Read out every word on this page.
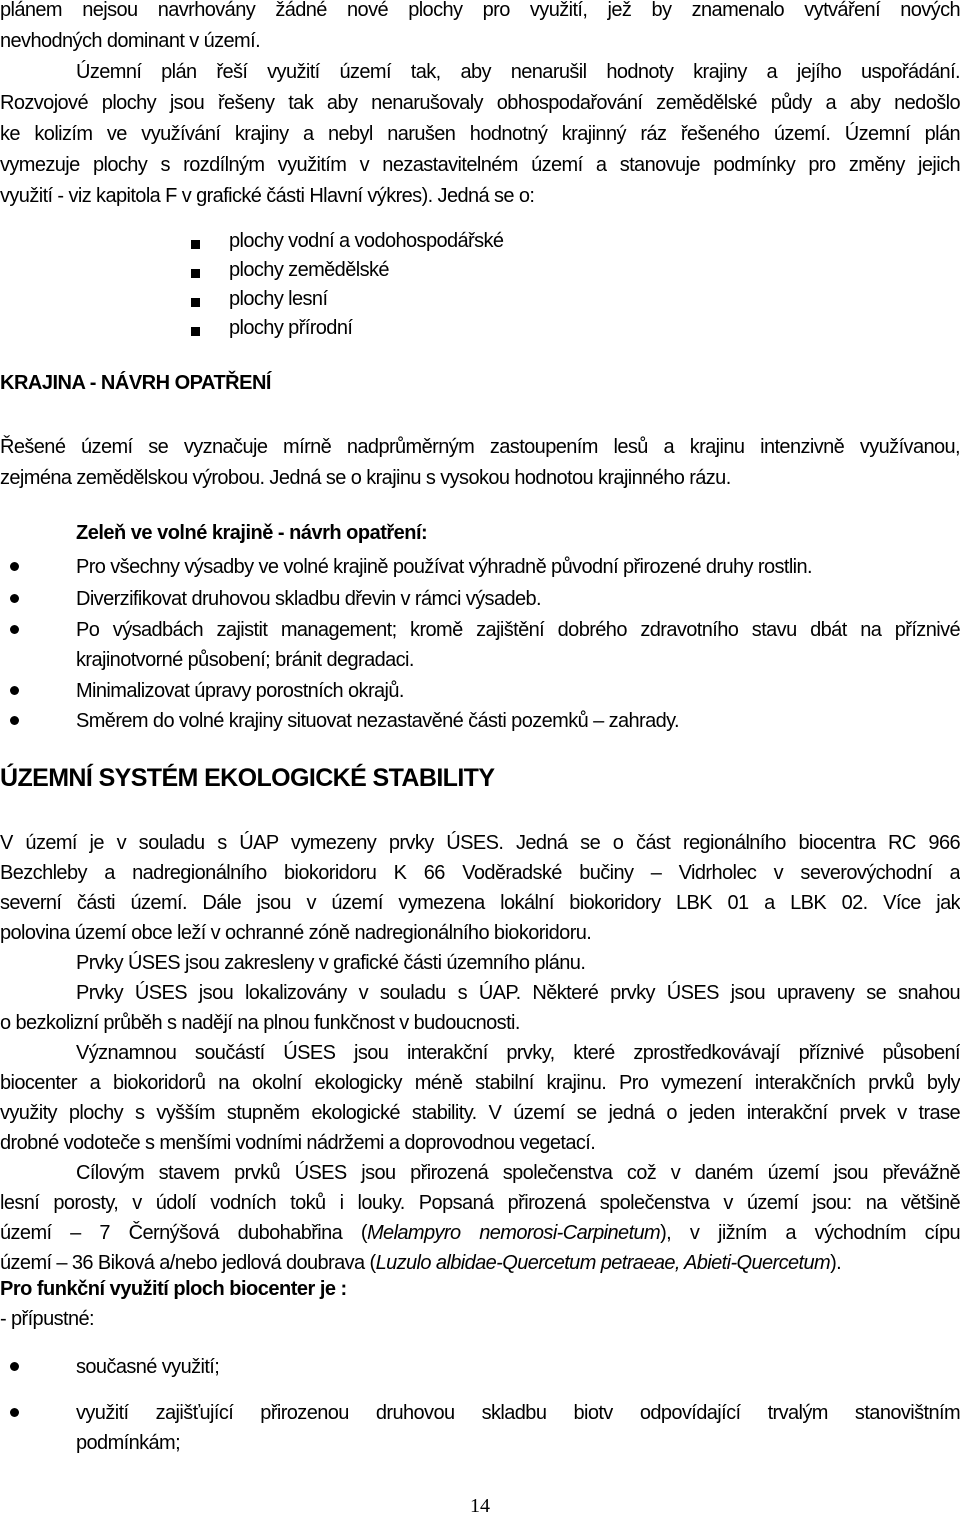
plánem nejsou navrhovány žádné nové plochy pro využití, jež by znamenalo vytváření nových

nevhodných dominant v území.

Územní plán řeší využití území tak, aby nenarušil hodnoty krajiny a jejího uspořádání.

Rozvojové plochy jsou řešeny tak aby nenarušovaly obhospodařování zemědělské půdy a aby nedošlo

ke kolizím ve využívání krajiny a nebyl narušen hodnotný krajinný ráz řešeného území. Územní plán

vymezuje plochy s rozdílným využitím v nezastavitelném území a stanovuje podmínky pro změny jejich

využití - viz kapitola F v grafické části Hlavní výkres). Jedná se o:

plochy vodní a vodohospodářské
plochy zemědělské
plochy lesní
plochy přírodní

KRAJINA - NÁVRH OPATŘENÍ

Řešené území se vyznačuje mírně nadprůměrným zastoupením lesů a krajinu intenzivně využívanou,

zejména zemědělskou výrobou. Jedná se o krajinu s vysokou hodnotou krajinného rázu.

Zeleň ve volné krajině - návrh opatření:

Pro všechny výsadby ve volné krajině používat výhradně původní přirozené druhy rostlin.
Diverzifikovat druhovou skladbu dřevin v rámci výsadeb.
Po výsadbách zajistit management; kromě zajištění dobrého zdravotního stavu dbát na příznivé
krajinotvorné působení; bránit degradaci.
Minimalizovat úpravy porostních okrajů.
Směrem do volné krajiny situovat nezastavěné části pozemků – zahrady.

ÚZEMNÍ SYSTÉM EKOLOGICKÉ STABILITY

V území je v souladu s ÚAP vymezeny prvky ÚSES. Jedná se o část regionálního biocentra RC 966

Bezchleby a nadregionálního biokoridoru K 66 Voděradské bučiny – Vidrholec v severovýchodní a

severní části území. Dále jsou v území vymezena lokální biokoridory LBK 01 a LBK 02. Více jak

polovina území obce leží v ochranné zóně nadregionálního biokoridoru.

Prvky ÚSES jsou zakresleny v grafické části územního plánu.

Prvky ÚSES jsou lokalizovány v souladu s ÚAP. Některé prvky ÚSES jsou upraveny se snahou

o bezkolizní průběh s nadějí na plnou funkčnost v budoucnosti.

Významnou součástí ÚSES jsou interakční prvky, které zprostředkovávají příznivé působení

biocenter a biokoridorů na okolní ekologicky méně stabilní krajinu. Pro vymezení interakčních prvků byly

využity plochy s vyšším stupněm ekologické stability. V území se jedná o jeden interakční prvek v trase

drobné vodoteče s menšími vodními nádržemi a doprovodnou vegetací.

Cílovým stavem prvků ÚSES jsou přirozená společenstva což v daném území jsou převážně

lesní porosty, v údolí vodních toků i louky. Popsaná přirozená společenstva v území jsou: na většině

území – 7 Černýšová dubohabřina (Melampyro nemorosi-Carpinetum), v jižním a východním cípu

území – 36 Biková a/nebo jedlová doubrava (Luzulo albidae-Quercetum petraeae, Abieti-Quercetum).

Pro funkční využití ploch biocenter je :

- přípustné:

současné využití;
využití zajišťující přirozenou druhovou skladbu biotv odpovídající trvalým stanovištním
podmínkám;
14
